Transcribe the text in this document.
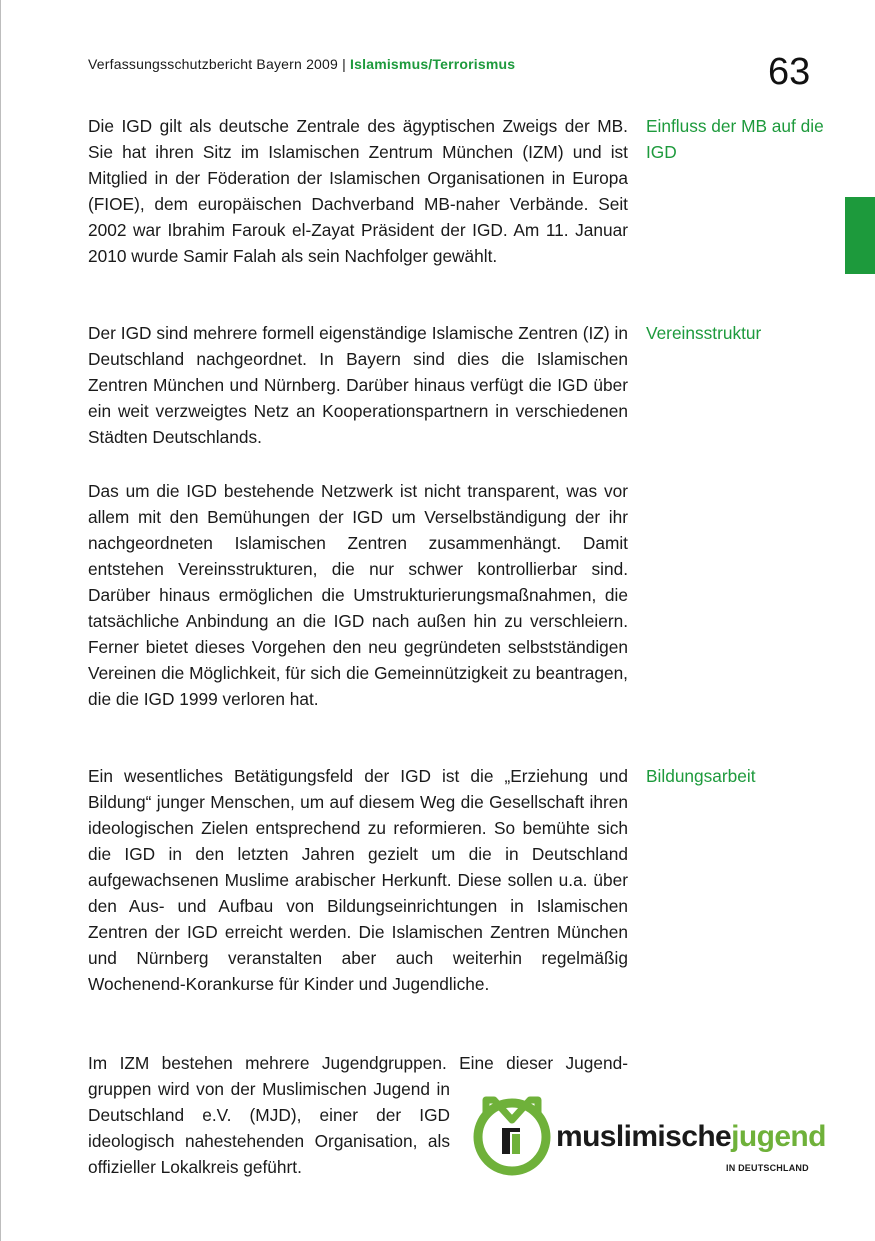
Verfassungsschutzbericht Bayern 2009 | Islamismus/Terrorismus	63
Die IGD gilt als deutsche Zentrale des ägyptischen Zweigs der MB. Sie hat ihren Sitz im Islamischen Zentrum München (IZM) und ist Mitglied in der Föderation der Islamischen Organisationen in Europa (FIOE), dem europäischen Dachverband MB-naher Verbände. Seit 2002 war Ibrahim Farouk el-Zayat Präsident der IGD. Am 11. Januar 2010 wurde Samir Falah als sein Nachfolger gewählt.
Einfluss der MB auf die IGD
Der IGD sind mehrere formell eigenständige Islamische Zentren (IZ) in Deutschland nachgeordnet. In Bayern sind dies die Islamischen Zentren München und Nürnberg. Darüber hinaus verfügt die IGD über ein weit verzweigtes Netz an Kooperationspartnern in verschiedenen Städten Deutschlands.
Vereinsstruktur
Das um die IGD bestehende Netzwerk ist nicht transparent, was vor allem mit den Bemühungen der IGD um Verselbständigung der ihr nachgeordneten Islamischen Zentren zusammenhängt. Damit entstehen Vereinsstrukturen, die nur schwer kontrollierbar sind. Darüber hinaus ermöglichen die Umstrukturierungsmaßnahmen, die tatsächliche Anbindung an die IGD nach außen hin zu verschleiern. Ferner bietet dieses Vorgehen den neu gegründeten selbstständigen Vereinen die Möglichkeit, für sich die Gemeinnützigkeit zu beantragen, die die IGD 1999 verloren hat.
Ein wesentliches Betätigungsfeld der IGD ist die „Erziehung und Bildung“ junger Menschen, um auf diesem Weg die Gesellschaft ihren ideologischen Zielen entsprechend zu reformieren. So bemühte sich die IGD in den letzten Jahren gezielt um die in Deutschland aufgewachsenen Muslime arabischer Herkunft. Diese sollen u.a. über den Aus- und Aufbau von Bildungseinrichtungen in Islamischen Zentren der IGD erreicht werden. Die Islamischen Zentren München und Nürnberg veranstalten aber auch weiterhin regelmäßig Wochenend-Korankurse für Kinder und Jugendliche.
Bildungsarbeit
Im IZM bestehen mehrere Jugendgruppen. Eine dieser Jugend-
gruppen wird von der Muslimischen Jugend in Deutschland e.V. (MJD), einer der IGD ideologisch nahestehenden Organisation, als offizieller Lokalkreis geführt.
muslimischejugend
IN DEUTSCHLAND
